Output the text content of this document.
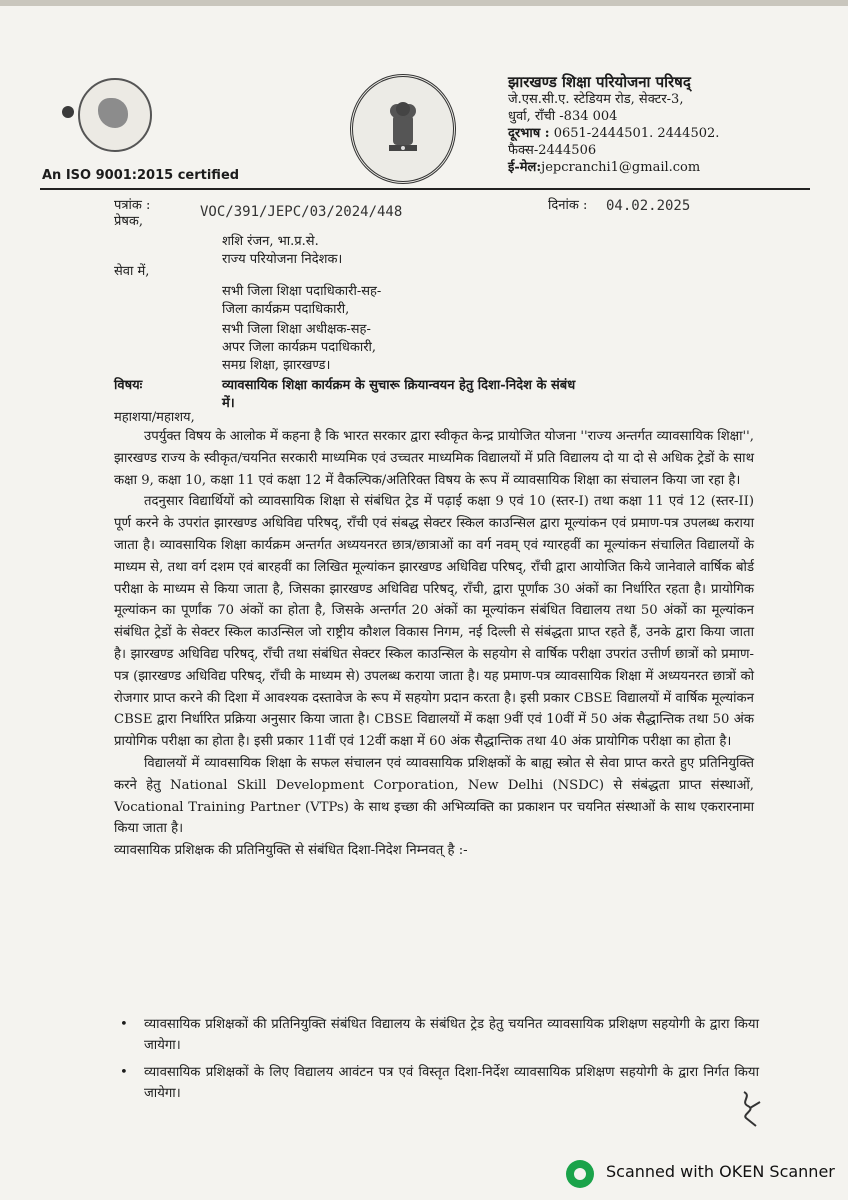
An ISO 9001:2015 certified
झारखण्ड शिक्षा परियोजना परिषद्
जे.एस.सी.ए. स्टेडियम रोड, सेक्टर-3,
धुर्वा, राँची -834 004
दूरभाष : 0651-2444501. 2444502.
फैक्स-2444506
ई-मेल:jepcranchi1@gmail.com
पत्रांक :	VOC/391/JEPC/03/2024/448	दिनांक : 04.02.2025
प्रेषक,
शशि रंजन, भा.प्र.से.
राज्य परियोजना निदेशक।
सेवा में,
सभी जिला शिक्षा पदाधिकारी-सह-
जिला कार्यक्रम पदाधिकारी,
सभी जिला शिक्षा अधीक्षक-सह-
अपर जिला कार्यक्रम पदाधिकारी,
समग्र शिक्षा, झारखण्ड।
विषयः	व्यावसायिक शिक्षा कार्यक्रम के सुचारू क्रियान्वयन हेतु दिशा-निदेश के संबंध
में।
महाशया/महाशय,

उपर्युक्त विषय के आलोक में कहना है कि भारत सरकार द्वारा स्वीकृत केन्द्र प्रायोजित योजना ''राज्य अन्तर्गत व्यावसायिक शिक्षा'', झारखण्ड राज्य के स्वीकृत/चयनित सरकारी माध्यमिक एवं उच्चतर माध्यमिक विद्यालयों में प्रति विद्यालय दो या दो से अधिक ट्रेडों के साथ कक्षा 9, कक्षा 10, कक्षा 11 एवं कक्षा 12 में वैकल्पिक/अतिरिक्त विषय के रूप में व्यावसायिक शिक्षा का संचालन किया जा रहा है।

तदनुसार विद्यार्थियों को व्यावसायिक शिक्षा से संबंधित ट्रेड में पढ़ाई कक्षा 9 एवं 10 (स्तर-I) तथा कक्षा 11 एवं 12 (स्तर-II) पूर्ण करने के उपरांत झारखण्ड अधिविद्य परिषद्, राँची एवं संबद्ध सेक्टर स्किल काउन्सिल द्वारा मूल्यांकन एवं प्रमाण-पत्र उपलब्ध कराया जाता है। व्यावसायिक शिक्षा कार्यक्रम अन्तर्गत अध्ययनरत छात्र/छात्राओं का वर्ग नवम् एवं ग्यारहवीं का मूल्यांकन संचालित विद्यालयों के माध्यम से, तथा वर्ग दशम एवं बारहवीं का लिखित मूल्यांकन झारखण्ड अधिविद्य परिषद्, राँची द्वारा आयोजित किये जानेवाले वार्षिक बोर्ड परीक्षा के माध्यम से किया जाता है, जिसका झारखण्ड अधिविद्य परिषद्, राँची, द्वारा पूर्णांक 30 अंकों का निर्धारित रहता है। प्रायोगिक मूल्यांकन का पूर्णांक 70 अंकों का होता है, जिसके अन्तर्गत 20 अंकों का मूल्यांकन संबंधित विद्यालय तथा 50 अंकों का मूल्यांकन संबंधित ट्रेडों के सेक्टर स्किल काउन्सिल जो राष्ट्रीय कौशल विकास निगम, नई दिल्ली से संबंद्धता प्राप्त रहते हैं, उनके द्वारा किया जाता है। झारखण्ड अधिविद्य परिषद्, राँची तथा संबंधित सेक्टर स्किल काउन्सिल के सहयोग से वार्षिक परीक्षा उपरांत उत्तीर्ण छात्रों को प्रमाण-पत्र (झारखण्ड अधिविद्य परिषद्, राँची के माध्यम से) उपलब्ध कराया जाता है। यह प्रमाण-पत्र व्यावसायिक शिक्षा में अध्ययनरत छात्रों को रोजगार प्राप्त करने की दिशा में आवश्यक दस्तावेज के रूप में सहयोग प्रदान करता है। इसी प्रकार CBSE विद्यालयों में वार्षिक मूल्यांकन CBSE द्वारा निर्धारित प्रक्रिया अनुसार किया जाता है। CBSE विद्यालयों में कक्षा 9वीं एवं 10वीं में 50 अंक सैद्धान्तिक तथा 50 अंक प्रायोगिक परीक्षा का होता है। इसी प्रकार 11वीं एवं 12वीं कक्षा में 60 अंक सैद्धान्तिक तथा 40 अंक प्रायोगिक परीक्षा का होता है।

विद्यालयों में व्यावसायिक शिक्षा के सफल संचालन एवं व्यावसायिक प्रशिक्षकों के बाह्य स्त्रोत से सेवा प्राप्त करते हुए प्रतिनियुक्ति करने हेतु National Skill Development Corporation, New Delhi (NSDC) से संबंद्धता प्राप्त संस्थाओं, Vocational Training Partner (VTPs) के साथ इच्छा की अभिव्यक्ति का प्रकाशन पर चयनित संस्थाओं के साथ एकरारनामा किया जाता है।

व्यावसायिक प्रशिक्षक की प्रतिनियुक्ति से संबंधित दिशा-निदेश निम्नवत् है :-

• व्यावसायिक प्रशिक्षकों की प्रतिनियुक्ति संबंधित विद्यालय के संबंधित ट्रेड हेतु चयनित व्यावसायिक प्रशिक्षण सहयोगी के द्वारा किया जायेगा।
• व्यावसायिक प्रशिक्षकों के लिए विद्यालय आवंटन पत्र एवं विस्तृत दिशा-निर्देश व्यावसायिक प्रशिक्षण सहयोगी के द्वारा निर्गत किया जायेगा।
Scanned with OKEN Scanner
